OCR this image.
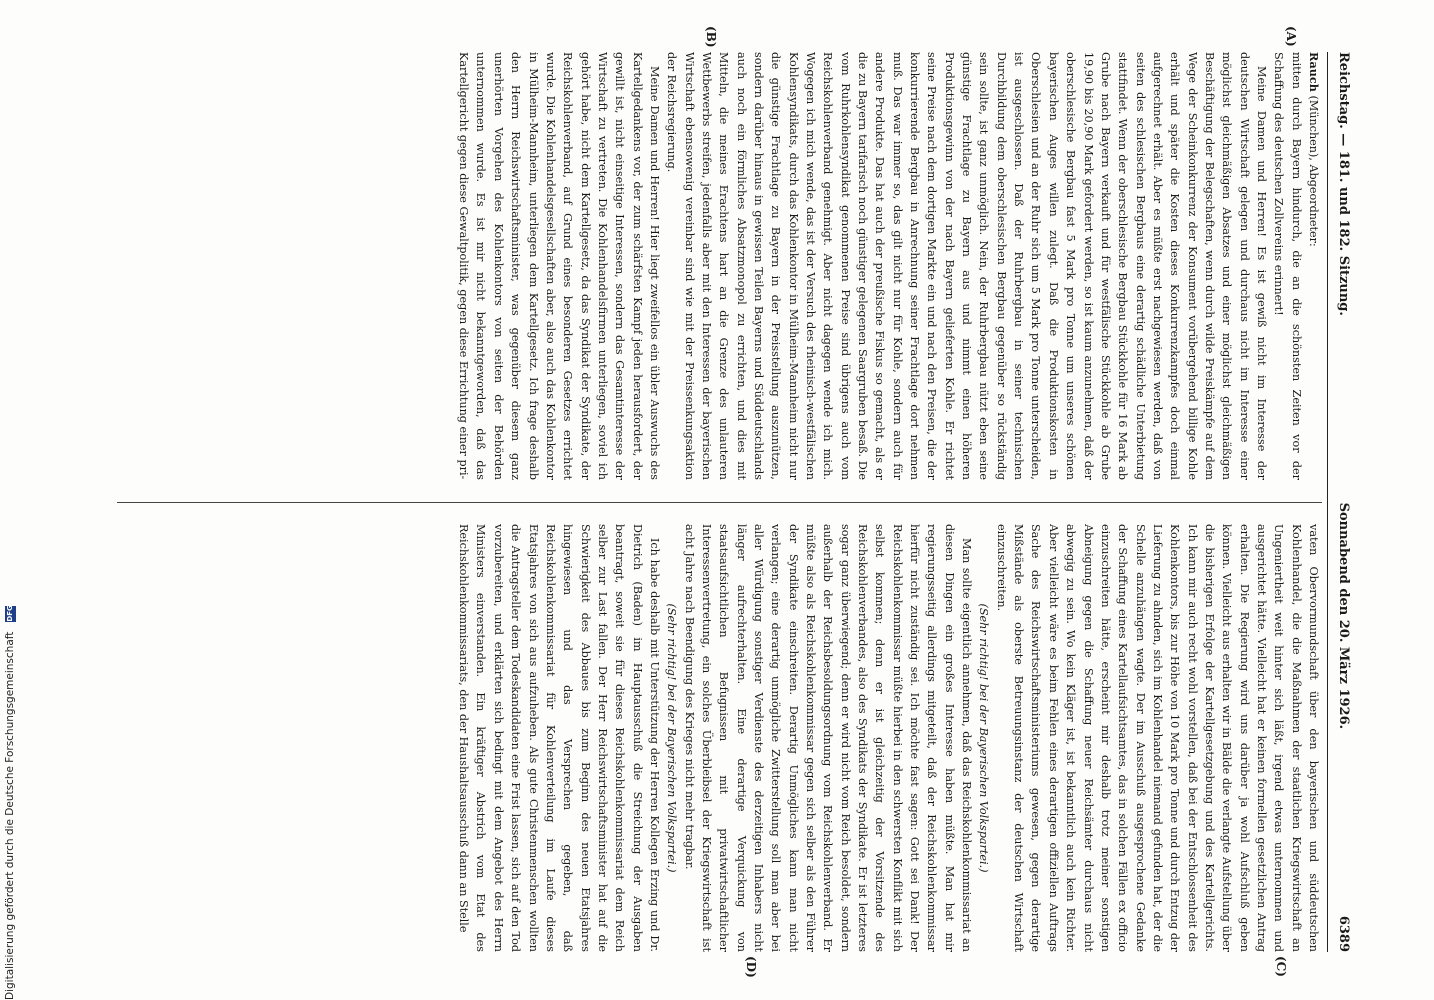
Reichstag. — 181. und 182. Sitzung.
Sonnabend den 20. März 1926.
6389

Rauch (München), Abgeordneter:

mitten durch Bayern hindurch, die an die schönsten Zeiten vor der Schaffung des deutschen Zollvereins erinnert!

Meine Damen und Herren! Es ist gewiß nicht im Interesse der deutschen Wirtschaft gelegen und durchaus nicht im Interesse einer möglichst gleichmäßigen Absatzes und einer möglichst gleichmäßigen Beschäftigung der Belegschaften, wenn durch wilde Preiskämpfe auf dem Wege der Scheinkonkurrenz der Konsument vorübergehend billige Kohle erhält und später die Kosten dieses Konkurrenzkampfes doch einmal aufgerechnet erhält. Aber es müßte erst nachgewiesen werden, daß von seiten des schlesischen Bergbaus eine derartig schädliche Unterbietung stattfindet. Wenn der oberschlesische Bergbau Stückkohle für 16 Mark ab Grube nach Bayern verkauft und für westfälische Stückkohle ab Grube 19,90 bis 20,90 Mark gefordert werden, so ist kaum anzunehmen, daß der oberschlesische Bergbau fast 5 Mark pro Tonne um unseres schönen bayerischen Auges willen zulegt. Daß die Produktionskosten in Oberschlesien und an der Ruhr sich um 5 Mark pro Tonne unterscheiden, ist ausgeschlossen. Daß der Ruhrbergbau in seiner technischen Durchbildung dem oberschlesischen Bergbau gegenüber so rückständig sein sollte, ist ganz unmöglich. Nein, der Ruhrbergbau nützt eben seine günstige Frachtlage zu Bayern aus und nimmt einen höheren Produktionsgewinn von der nach Bayern gelieferten Kohle. Er richtet seine Preise nach dem dortigen Markte ein und nach den Preisen, die der konkurrierende Bergbau in Anrechnung seiner Frachtlage dort nehmen muß. Das war immer so, das gilt nicht nur für Kohle, sondern auch für andere Produkte. Das hat auch der preußische Fiskus so gemacht, als er die zu Bayern tarifarisch noch günstiger gelegenen Saargruben besaß. Die vom Ruhrkohlensyndikat genommenen Preise sind übrigens auch vom Reichskohlenverband genehmigt. Aber nicht dagegen wende ich mich. Wogegen ich mich wende, das ist der Versuch des rheinisch-westfälischen Kohlensyndikats, durch das Kohlenkontor in Mülheim-Mannheim nicht nur die günstige Frachtlage zu Bayern in der Preisstellung auszunützen, sondern darüber hinaus in gewissen Teilen Bayerns und Süddeutschlands auch noch ein förmliches Absatzmonopol zu errichten, und dies mit Mitteln, die meines Erachtens hart an die Grenze des unlauteren Wettbewerbs streifen, jedenfalls aber mit den Interessen der bayerischen Wirtschaft ebensowenig vereinbar sind wie mit der Preissenkungsaktion der Reichsregierung.

Meine Damen und Herren! Hier liegt zweifellos ein übler Auswuchs des Kartellgedankens vor, der zum schärfsten Kampf jeden herausfordert, der gewillt ist, nicht einseitige Interessen, sondern das Gesamtinteresse der Wirtschaft zu vertreten. Die Kohlenhandelsfirmen unterliegen, soviel ich gehört habe, nicht dem Kartellgesetz, da das Syndikat der Syndikate, der Reichskohlenverband, auf Grund eines besonderen Gesetzes errichtet wurde. Die Kohlenhandelsgesellschaften aber, also auch das Kohlenkontor in Mülheim-Mannheim, unterliegen dem Kartellgesetz. Ich frage deshalb den Herrn Reichswirtschaftsminister, was gegenüber diesem ganz unerhörten Vorgehen des Kohlenkontors von seiten der Behörden unternommen wurde. Es ist mir nicht bekanntgeworden, daß das Kartellgericht gegen diese Gewaltpolitik, gegen diese Errichtung einer pri-

vaten Obervormundschaft über den bayerischen und süddeutschen Kohlenhandel, die die Maßnahmen der staatlichen Kriegswirtschaft an Ungeniertheit weit hinter sich läßt, irgend etwas unternommen und ausgerichtet hätte. Vielleicht hat er keinen formellen gesetzlichen Antrag erhalten. Die Regierung wird uns darüber ja wohl Aufschluß geben können. Vielleicht aus erhalten wir in Bälde die verlangte Aufstellung über die bisherigen Erfolge der Kartellgesetzgebung und des Kartellgerichts. Ich kann mir auch recht wohl vorstellen, daß bei der Entschlossenheit des Kohlenkontors, bis zur Höhe von 10 Mark pro Tonne und durch Entzug der Lieferung zu ahnden, sich im Kohlenhandel niemand gefunden hat, der die Schelle anzuhängen wagte. Der im Ausschuß ausgesprochene Gedanke der Schaffung eines Kartellaufsichtsamtes, das in solchen Fällen ex officio einzuschreiten hätte, erscheint mir deshalb trotz meiner sonstigen Abneigung gegen die Schaffung neuer Reichsämter durchaus nicht abwegig zu sein. Wo kein Kläger ist, ist bekanntlich auch kein Richter. Aber vielleicht wäre es beim Fehlen eines derartigen offiziellen Auftrags Sache des Reichswirtschaftsministeriums gewesen, gegen derartige Mißstände als oberste Betreuungsinstanz der deutschen Wirtschaft einzuschreiten.

(Sehr richtig! bei der Bayerischen Volkspartei.)

Man sollte eigentlich annehmen, daß das Reichskohlenkommissariat an diesen Dingen ein großes Interesse haben müßte. Man hat mir regierungsseitig allerdings mitgeteilt, daß der Reichskohlenkommissar hierfür nicht zuständig sei. Ich möchte fast sagen: Gott sei Dank! Der Reichskohlenkommissar müßte hierbei in den schwersten Konflikt mit sich selbst kommen; denn er ist gleichzeitig der Vorsitzende des Reichskohlenverbandes, also des Syndikats der Syndikate. Er ist letzteres sogar ganz überwiegend; denn er wird nicht vom Reich besoldet, sondern außerhalb der Reichsbesoldungsordnung vom Reichskohlenverband. Er müßte also als Reichskohlenkommissar gegen sich selber als den Führer der Syndikate einschreiten. Derartig Unmögliches kann man nicht verlangen; eine derartig unmögliche Zwitterstellung soll man aber bei aller Würdigung sonstiger Verdienste des derzeitigen Inhabers nicht länger aufrechterhalten. Eine derartige Verquickung von staatsaufsichtlichen Befugnissen mit privatwirtschaftlicher Interessenvertretung, ein solches Überbleibsel der Kriegswirtschaft ist acht Jahre nach Beendigung des Krieges nicht mehr tragbar.

(Sehr richtig! bei der Bayerischen Volkspartei.)

Ich habe deshalb mit Unterstützung der Herren Kollegen Erzing und Dr. Dietrich (Baden) im Hauptausschuß die Streichung der Ausgaben beantragt, soweit sie für dieses Reichskohlenkommissariat dem Reich selber zur Last fallen. Der Herr Reichswirtschaftsminister hat auf die Schwierigkeit des Abbaues bis zum Beginn des neuen Etatsjahres hingewiesen und das Versprechen gegeben, daß Reichskohlenkommissariat für Kohlenverteilung im Laufe dieses Etatsjahres von sich aus aufzuheben. Als gute Christenmenschen wollten die Antragsteller dem Todeskandidaten eine Frist lassen, sich auf den Tod vorzubereiten, und erklärten sich bedingt mit dem Angebot des Herrn Ministers einverstanden. Ein kräftiger Abstrich vom Etat des Reichskohlenkommissariats, den der Haushaltsausschuß dann an Stelle

(A)
(B)
(C)
(D)
Digitalisierung gefördert durch die Deutsche Forschungsgemeinschaft
DFG
